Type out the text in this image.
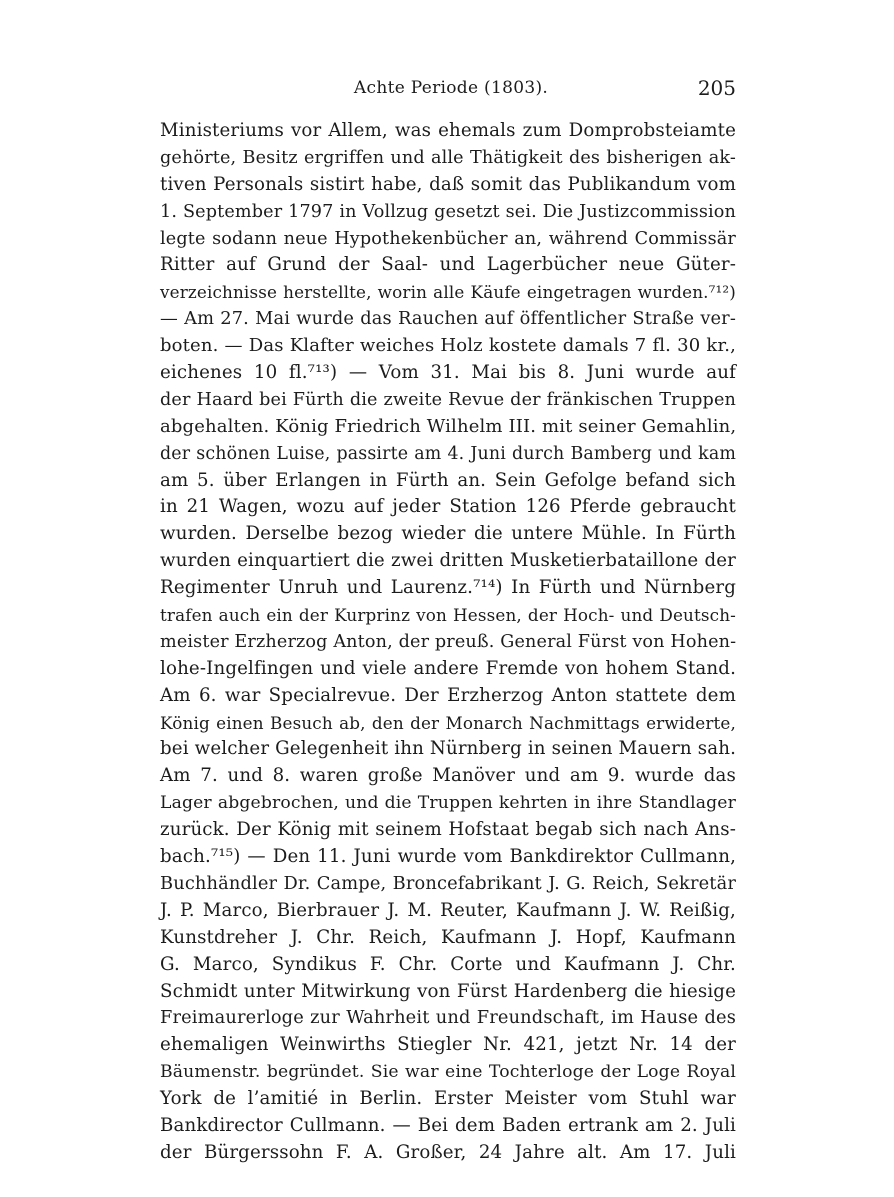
Achte Periode (1803).	205
Ministeriums vor Allem, was ehemals zum Domprobsteiamte
gehörte, Besitz ergriffen und alle Thätigkeit des bisherigen ak-
tiven Personals sistirt habe, daß somit das Publikandum vom
1. September 1797 in Vollzug gesetzt sei. Die Justizcommission
legte sodann neue Hypothekenbücher an, während Commissär
Ritter auf Grund der Saal- und Lagerbücher neue Güter-
verzeichnisse herstellte, worin alle Käufe eingetragen wurden.⁷¹²)
— Am 27. Mai wurde das Rauchen auf öffentlicher Straße ver-
boten. — Das Klafter weiches Holz kostete damals 7 fl. 30 kr.,
eichenes 10 fl.⁷¹³) — Vom 31. Mai bis 8. Juni wurde auf
der Haard bei Fürth die zweite Revue der fränkischen Truppen
abgehalten. König Friedrich Wilhelm III. mit seiner Gemahlin,
der schönen Luise, passirte am 4. Juni durch Bamberg und kam
am 5. über Erlangen in Fürth an. Sein Gefolge befand sich
in 21 Wagen, wozu auf jeder Station 126 Pferde gebraucht
wurden. Derselbe bezog wieder die untere Mühle. In Fürth
wurden einquartiert die zwei dritten Musketierbataillone der
Regimenter Unruh und Laurenz.⁷¹⁴) In Fürth und Nürnberg
trafen auch ein der Kurprinz von Hessen, der Hoch- und Deutsch-
meister Erzherzog Anton, der preuß. General Fürst von Hohen-
lohe-Ingelfingen und viele andere Fremde von hohem Stand.
Am 6. war Specialrevue. Der Erzherzog Anton stattete dem
König einen Besuch ab, den der Monarch Nachmittags erwiderte,
bei welcher Gelegenheit ihn Nürnberg in seinen Mauern sah.
Am 7. und 8. waren große Manöver und am 9. wurde das
Lager abgebrochen, und die Truppen kehrten in ihre Standlager
zurück. Der König mit seinem Hofstaat begab sich nach Ans-
bach.⁷¹⁵) — Den 11. Juni wurde vom Bankdirektor Cullmann,
Buchhändler Dr. Campe, Broncefabrikant J. G. Reich, Sekretär
J. P. Marco, Bierbrauer J. M. Reuter, Kaufmann J. W. Reißig,
Kunstdreher J. Chr. Reich, Kaufmann J. Hopf, Kaufmann
G. Marco, Syndikus F. Chr. Corte und Kaufmann J. Chr.
Schmidt unter Mitwirkung von Fürst Hardenberg die hiesige
Freimaurerloge zur Wahrheit und Freundschaft, im Hause des
ehemaligen Weinwirths Stiegler Nr. 421, jetzt Nr. 14 der
Bäumenstr. begründet. Sie war eine Tochterloge der Loge Royal
York de l’amitié in Berlin. Erster Meister vom Stuhl war
Bankdirector Cullmann. — Bei dem Baden ertrank am 2. Juli
der Bürgerssohn F. A. Großer, 24 Jahre alt. Am 17. Juli
